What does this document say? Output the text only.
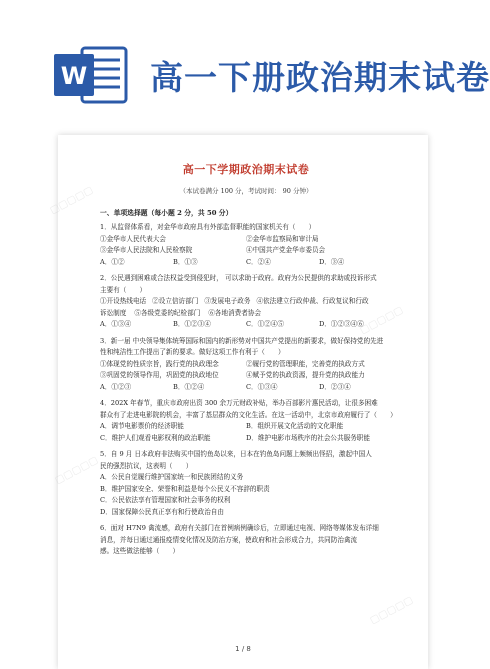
W 高一下册政治期末试卷
▢▢▢▢▢
▢▢▢▢▢
▢▢▢▢▢
▢▢▢▢▢
高一下学期政治期末试卷
（本试卷满分 100 分，考试时间： 90 分钟）
一、单项选择题（每小题 2 分，共 50 分）
1．从监督体系看，对金华市政府具有外部监督职能的国家机关有（　　）
①金华市人民代表大会	②金华市监察局和审计局
③金华市人民法院和人民检察院	④中国共产党金华市委员会
A．①②	B．①③	C．②④	D．③④
2．公民遇到困难或合法权益受到侵犯时， 可以求助于政府。政府为公民提供的求助或投诉形式
主要有（　　）
①开设热线电话 ②设立信访部门 ③发展电子政务 ④依法建立行政仲裁、行政复议和行政
诉讼制度 ⑤各级党委的纪检部门 ⑥各地消费者协会
A．①③④	B．①②③④	C．①②④⑤	D．①②③④⑥
3．新一届 中央领导集体统筹国际和国内的新形势对中国共产党提出的新要求，做好保持党的先进
性和纯洁性工作提出了新的要求。做好这项工作有利于（　　）
①体现党的性质宗旨，践行党的执政理念	②履行党的管理职能，完善党的执政方式
③巩固党的领导作用，巩固党的执政地位	④赋予党的执政资源，提升党的执政能力
A．①②③	B．①②④	C．①③④	D．②③④
4．202X 年春节，重庆市政府出资 300 余万元财政补贴，举办百部影片惠民活动，让很多困难
群众有了走进电影院的机会，丰富了基层群众的文化生活。在这一活动中，北京市政府履行了（　　）
A．调节电影票价的经济职能	B．组织开展文化活动的文化职能
C．维护人们观看电影权利的政治职能	D．维护电影市场秩序的社会公共服务职能
5．自 9 月 日本政府非法购买中国钓鱼岛以来，日本在钓鱼岛问题上频频出怪招，激起中国人
民的强烈抗议，这表明（　　）
A．公民自觉履行维护国家统一和民族团结的义务
B．维护国家安全、荣誉和利益是每个公民义不容辞的职责
C．公民依法享有管理国家和社会事务的权利
D．国家保障公民真正享有和行使政治自由
6．面对 H7N9 禽流感，政府有关部门在首例病例确诊后，立即通过电视、网络等媒体发布详细
消息，并每日通过通报疫情变化情况及防治方案，使政府和社会形成合力，共同防治禽流
感。这些做法能够（　　）
1 / 8
